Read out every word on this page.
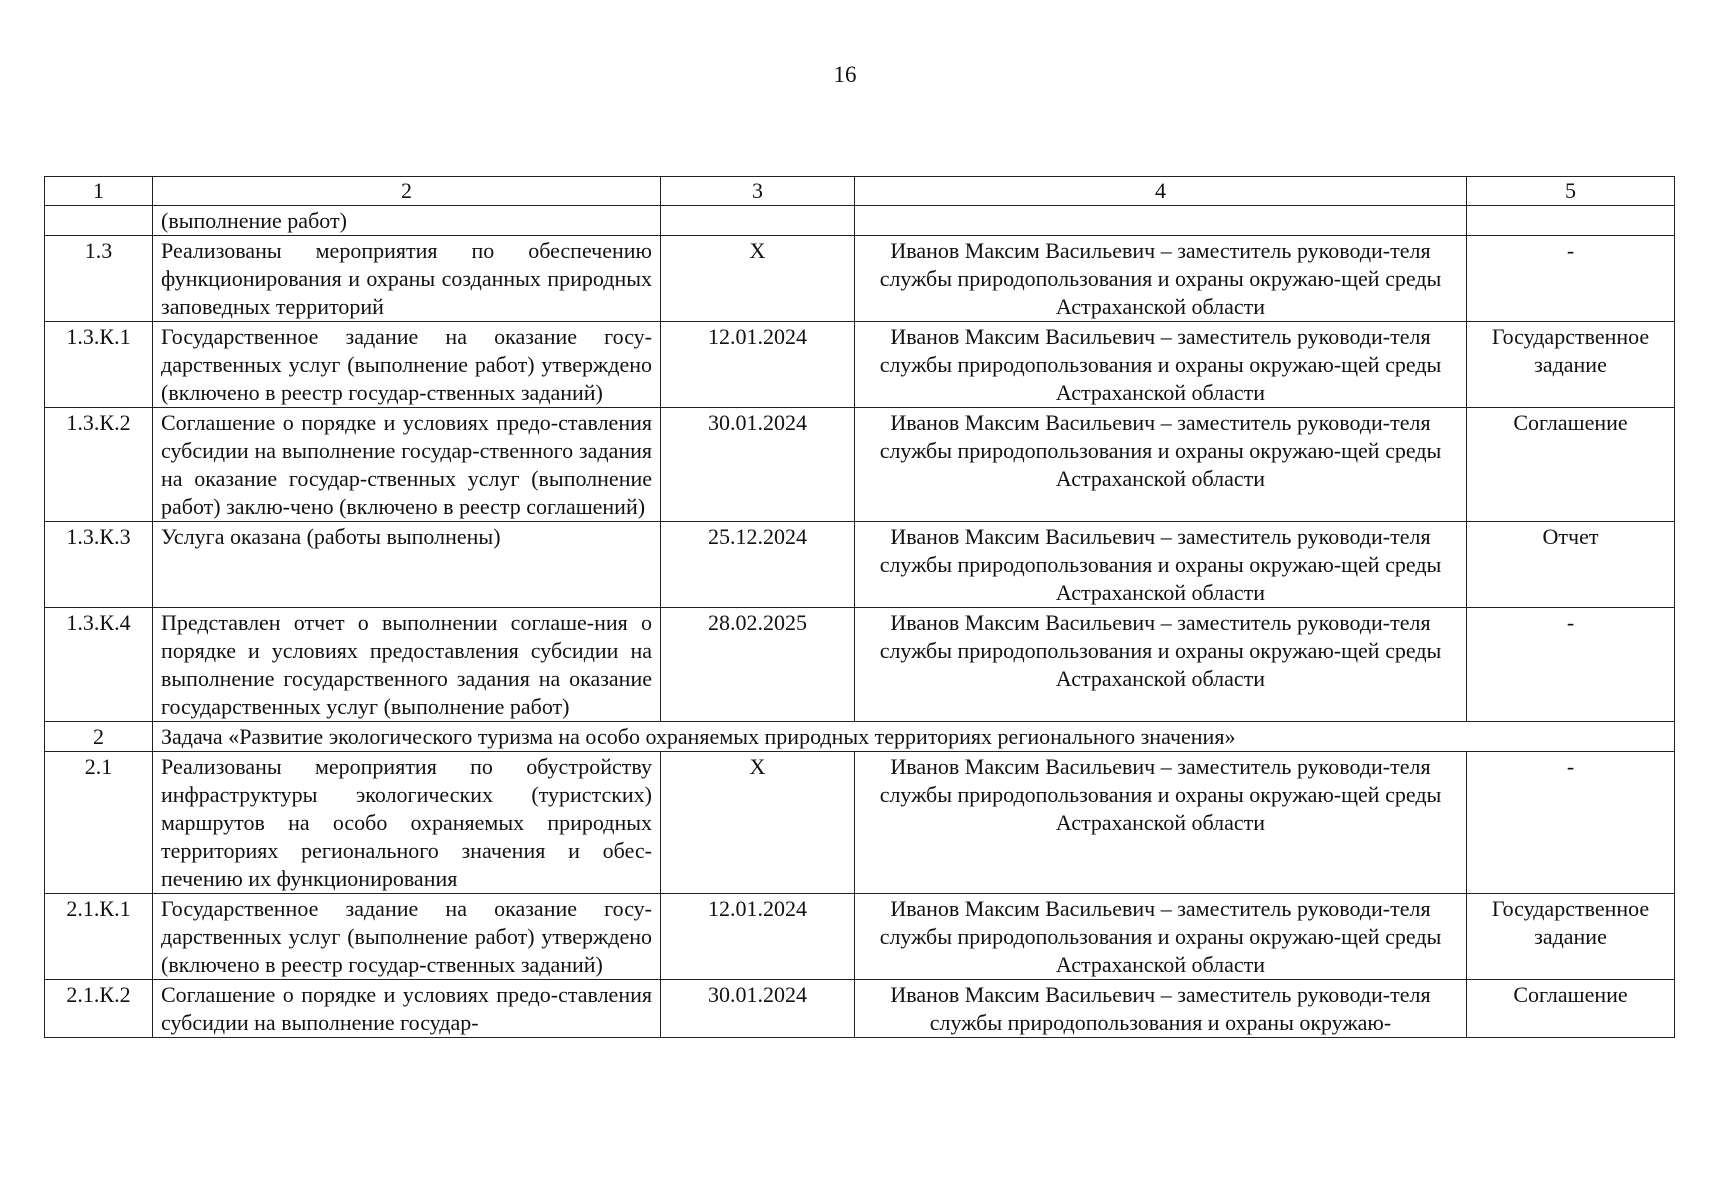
16
1	2	3	4	5
	(выполнение работ)			
1.3	Реализованы мероприятия по обеспечению функционирования и охраны созданных природных заповедных территорий	X	Иванов Максим Васильевич – заместитель руководи-теля службы природопользования и охраны окружаю-щей среды Астраханской области	-
1.3.К.1	Государственное задание на оказание госу-дарственных услуг (выполнение работ) утверждено (включено в реестр государ-ственных заданий)	12.01.2024	Иванов Максим Васильевич – заместитель руководи-теля службы природопользования и охраны окружаю-щей среды Астраханской области	Государственное задание
1.3.К.2	Соглашение о порядке и условиях предо-ставления субсидии на выполнение государ-ственного задания на оказание государ-ственных услуг (выполнение работ) заклю-чено (включено в реестр соглашений)	30.01.2024	Иванов Максим Васильевич – заместитель руководи-теля службы природопользования и охраны окружаю-щей среды Астраханской области	Соглашение
1.3.К.3	Услуга оказана (работы выполнены)	25.12.2024	Иванов Максим Васильевич – заместитель руководи-теля службы природопользования и охраны окружаю-щей среды Астраханской области	Отчет
1.3.К.4	Представлен отчет о выполнении соглаше-ния о порядке и условиях предоставления субсидии на выполнение государственного задания на оказание государственных услуг (выполнение работ)	28.02.2025	Иванов Максим Васильевич – заместитель руководи-теля службы природопользования и охраны окружаю-щей среды Астраханской области	-
2	Задача «Развитие экологического туризма на особо охраняемых природных территориях регионального значения»			
2.1	Реализованы мероприятия по обустройству инфраструктуры экологических (туристских) маршрутов на особо охраняемых природных территориях регионального значения и обес-печению их функционирования	X	Иванов Максим Васильевич – заместитель руководи-теля службы природопользования и охраны окружаю-щей среды Астраханской области	-
2.1.К.1	Государственное задание на оказание госу-дарственных услуг (выполнение работ) утверждено (включено в реестр государ-ственных заданий)	12.01.2024	Иванов Максим Васильевич – заместитель руководи-теля службы природопользования и охраны окружаю-щей среды Астраханской области	Государственное задание
2.1.К.2	Соглашение о порядке и условиях предо-ставления субсидии на выполнение государ-	30.01.2024	Иванов Максим Васильевич – заместитель руководи-теля службы природопользования и охраны окружаю-	Соглашение
